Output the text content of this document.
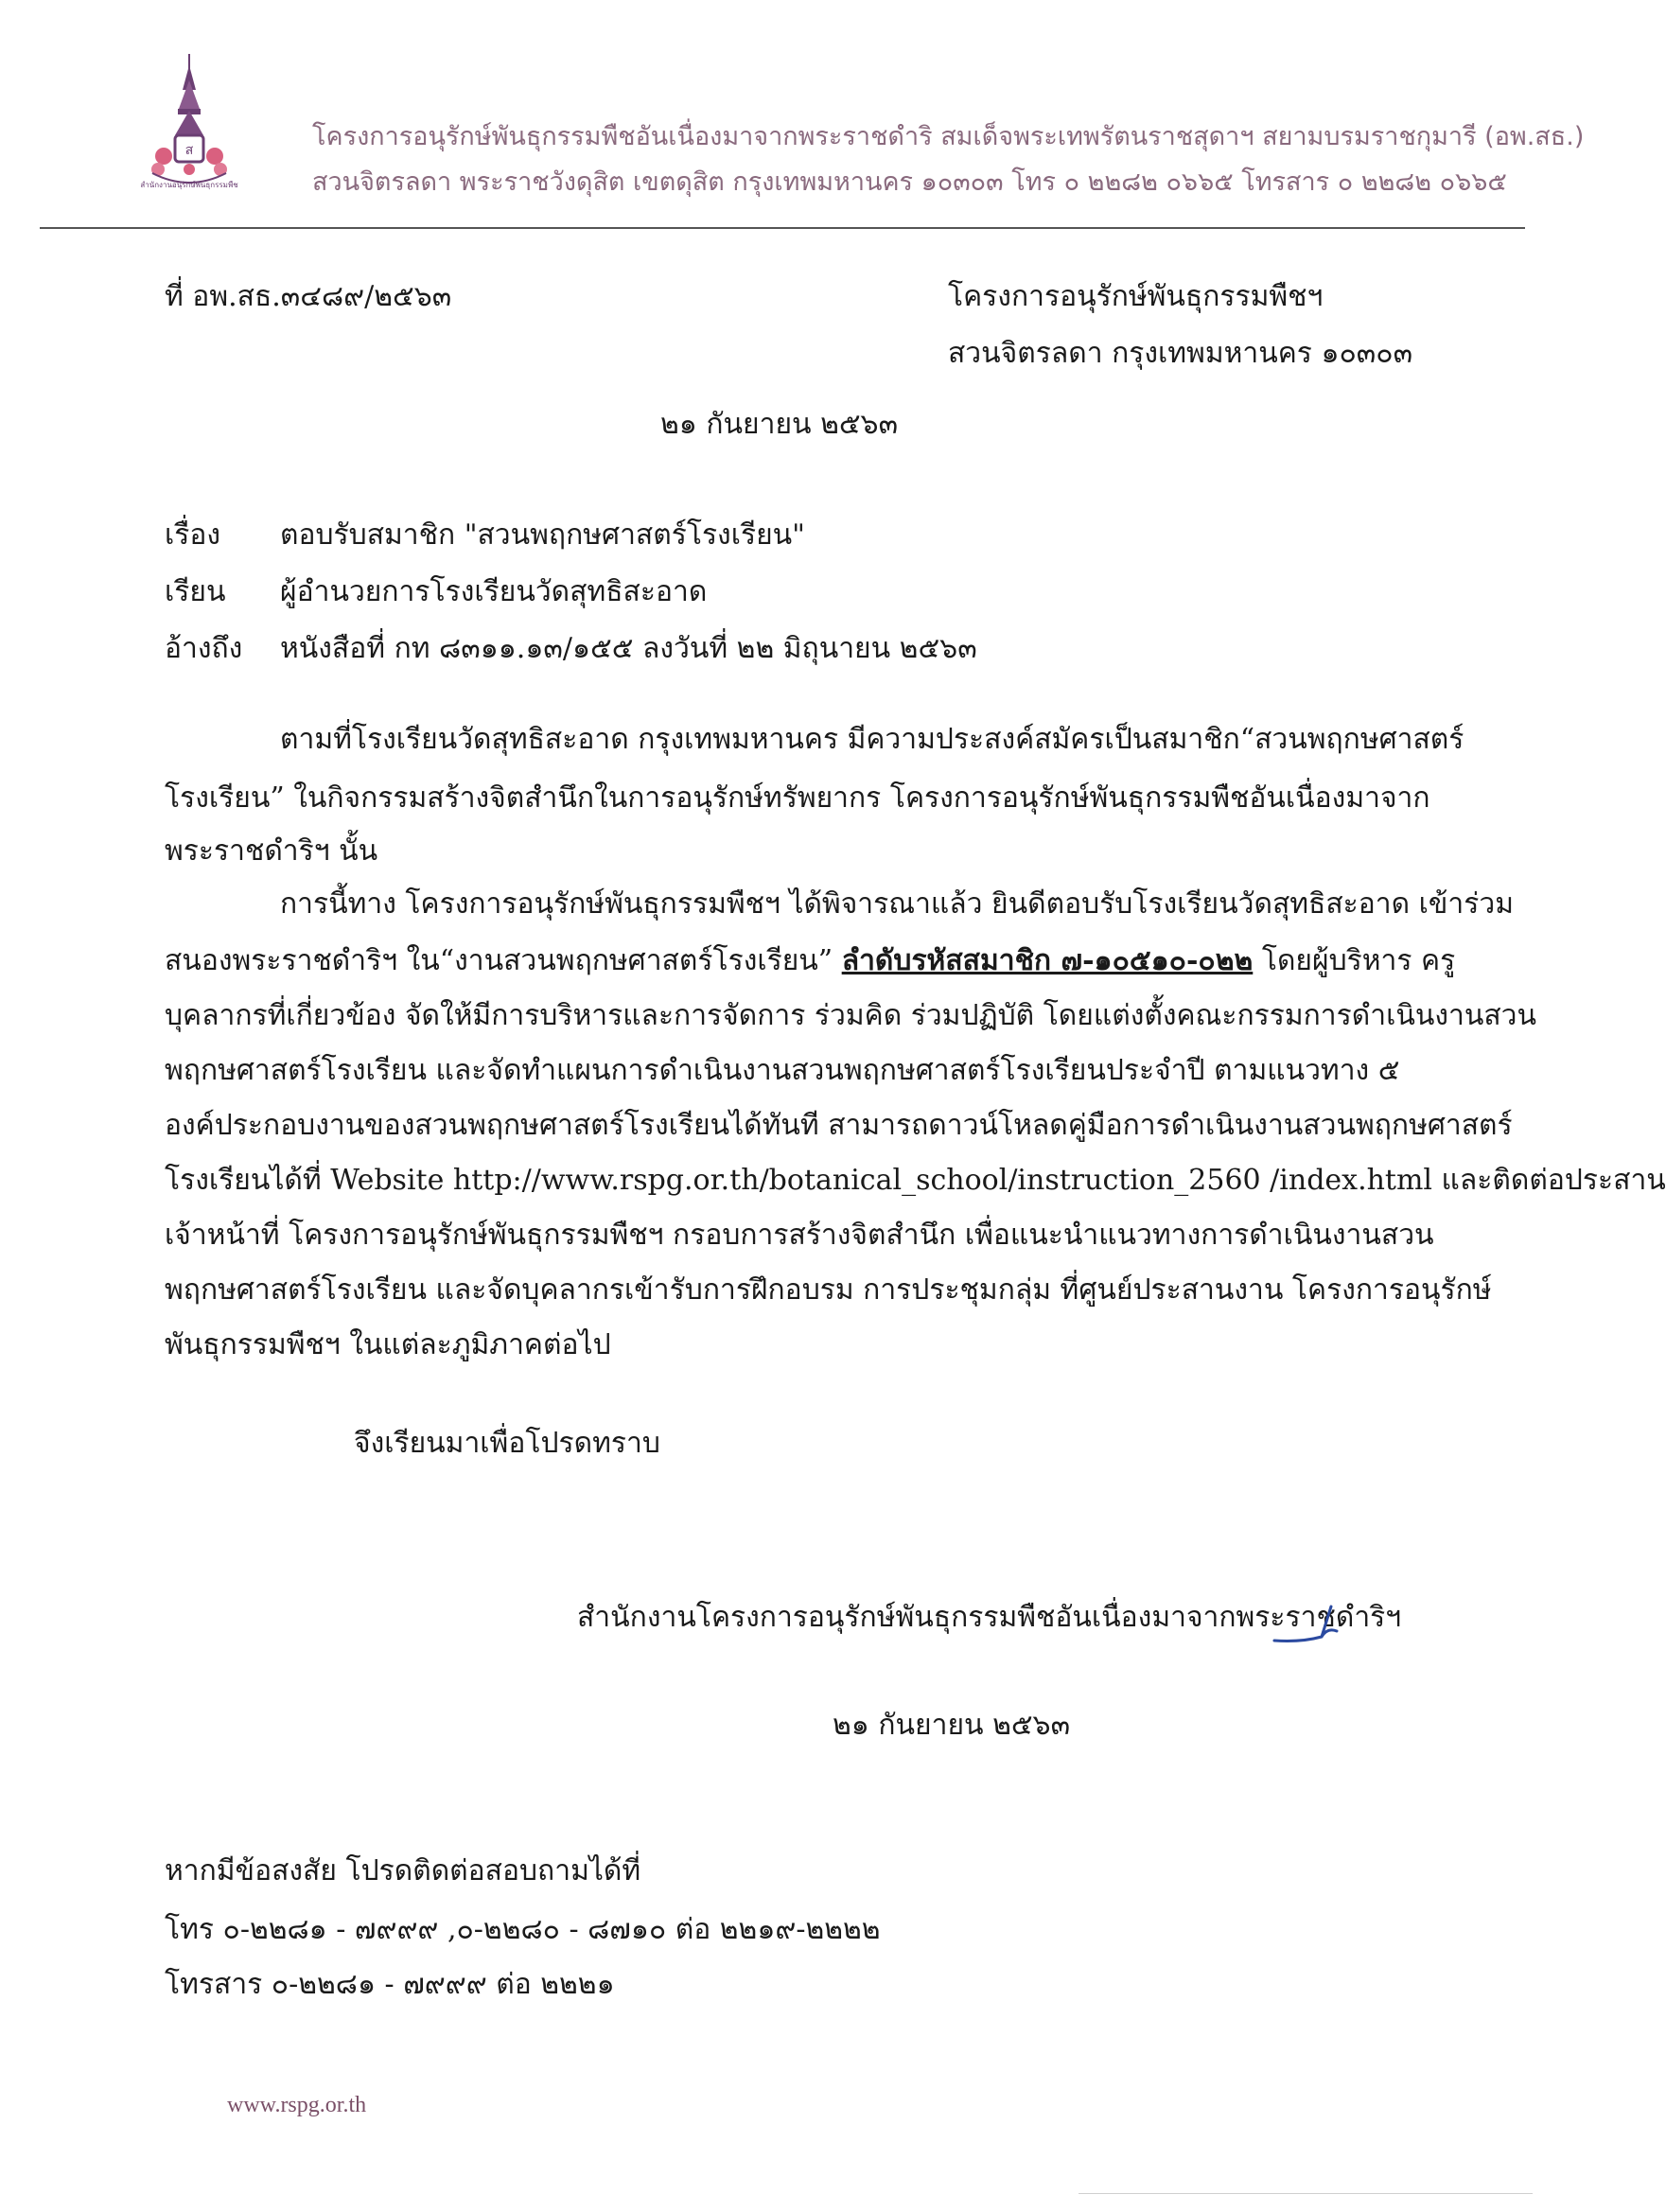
ส
สำนักงานอนุรักษ์พันธุกรรมพืช
โครงการอนุรักษ์พันธุกรรมพืชอันเนื่องมาจากพระราชดำริ สมเด็จพระเทพรัตนราชสุดาฯ สยามบรมราชกุมารี (อพ.สธ.)
สวนจิตรลดา พระราชวังดุสิต เขตดุสิต กรุงเทพมหานคร ๑๐๓๐๓ โทร ๐ ๒๒๘๒ ๐๖๖๕ โทรสาร ๐ ๒๒๘๒ ๐๖๖๕
ที่ อพ.สธ.๓๔๘๙/๒๕๖๓	โครงการอนุรักษ์พันธุกรรมพืชฯ
สวนจิตรลดา กรุงเทพมหานคร ๑๐๓๐๓
๒๑ กันยายน ๒๕๖๓
เรื่อง ตอบรับสมาชิก "สวนพฤกษศาสตร์โรงเรียน"
เรียน ผู้อำนวยการโรงเรียนวัดสุทธิสะอาด
อ้างถึง หนังสือที่ กท ๘๓๑๑.๑๓/๑๕๕ ลงวันที่ ๒๒ มิถุนายน ๒๕๖๓
ตามที่โรงเรียนวัดสุทธิสะอาด กรุงเทพมหานคร มีความประสงค์สมัครเป็นสมาชิก“สวนพฤกษศาสตร์
โรงเรียน” ในกิจกรรมสร้างจิตสำนึกในการอนุรักษ์ทรัพยากร โครงการอนุรักษ์พันธุกรรมพืชอันเนื่องมาจาก
พระราชดำริฯ นั้น
การนี้ทาง โครงการอนุรักษ์พันธุกรรมพืชฯ ได้พิจารณาแล้ว ยินดีตอบรับโรงเรียนวัดสุทธิสะอาด เข้าร่วม
สนองพระราชดำริฯ ใน“งานสวนพฤกษศาสตร์โรงเรียน” ลำดับรหัสสมาชิก ๗-๑๐๕๑๐-๐๒๒ โดยผู้บริหาร ครู
บุคลากรที่เกี่ยวข้อง จัดให้มีการบริหารและการจัดการ ร่วมคิด ร่วมปฏิบัติ โดยแต่งตั้งคณะกรรมการดำเนินงานสวน
พฤกษศาสตร์โรงเรียน และจัดทำแผนการดำเนินงานสวนพฤกษศาสตร์โรงเรียนประจำปี ตามแนวทาง ๕
องค์ประกอบงานของสวนพฤกษศาสตร์โรงเรียนได้ทันที สามารถดาวน์โหลดคู่มือการดำเนินงานสวนพฤกษศาสตร์
โรงเรียนได้ที่ Website http://www.rspg.or.th/botanical_school/instruction_2560 /index.html และติดต่อประสาน
เจ้าหน้าที่ โครงการอนุรักษ์พันธุกรรมพืชฯ กรอบการสร้างจิตสำนึก เพื่อแนะนำแนวทางการดำเนินงานสวน
พฤกษศาสตร์โรงเรียน และจัดบุคลากรเข้ารับการฝึกอบรม การประชุมกลุ่ม ที่ศูนย์ประสานงาน โครงการอนุรักษ์
พันธุกรรมพืชฯ ในแต่ละภูมิภาคต่อไป
จึงเรียนมาเพื่อโปรดทราบ
สำนักงานโครงการอนุรักษ์พันธุกรรมพืชอันเนื่องมาจากพระราชดำริฯ
๒๑ กันยายน ๒๕๖๓
หากมีข้อสงสัย โปรดติดต่อสอบถามได้ที่
โทร ๐-๒๒๘๑ - ๗๙๙๙ ,๐-๒๒๘๐ - ๘๗๑๐ ต่อ ๒๒๑๙-๒๒๒๒
โทรสาร ๐-๒๒๘๑ - ๗๙๙๙ ต่อ ๒๒๒๑
www.rspg.or.th
